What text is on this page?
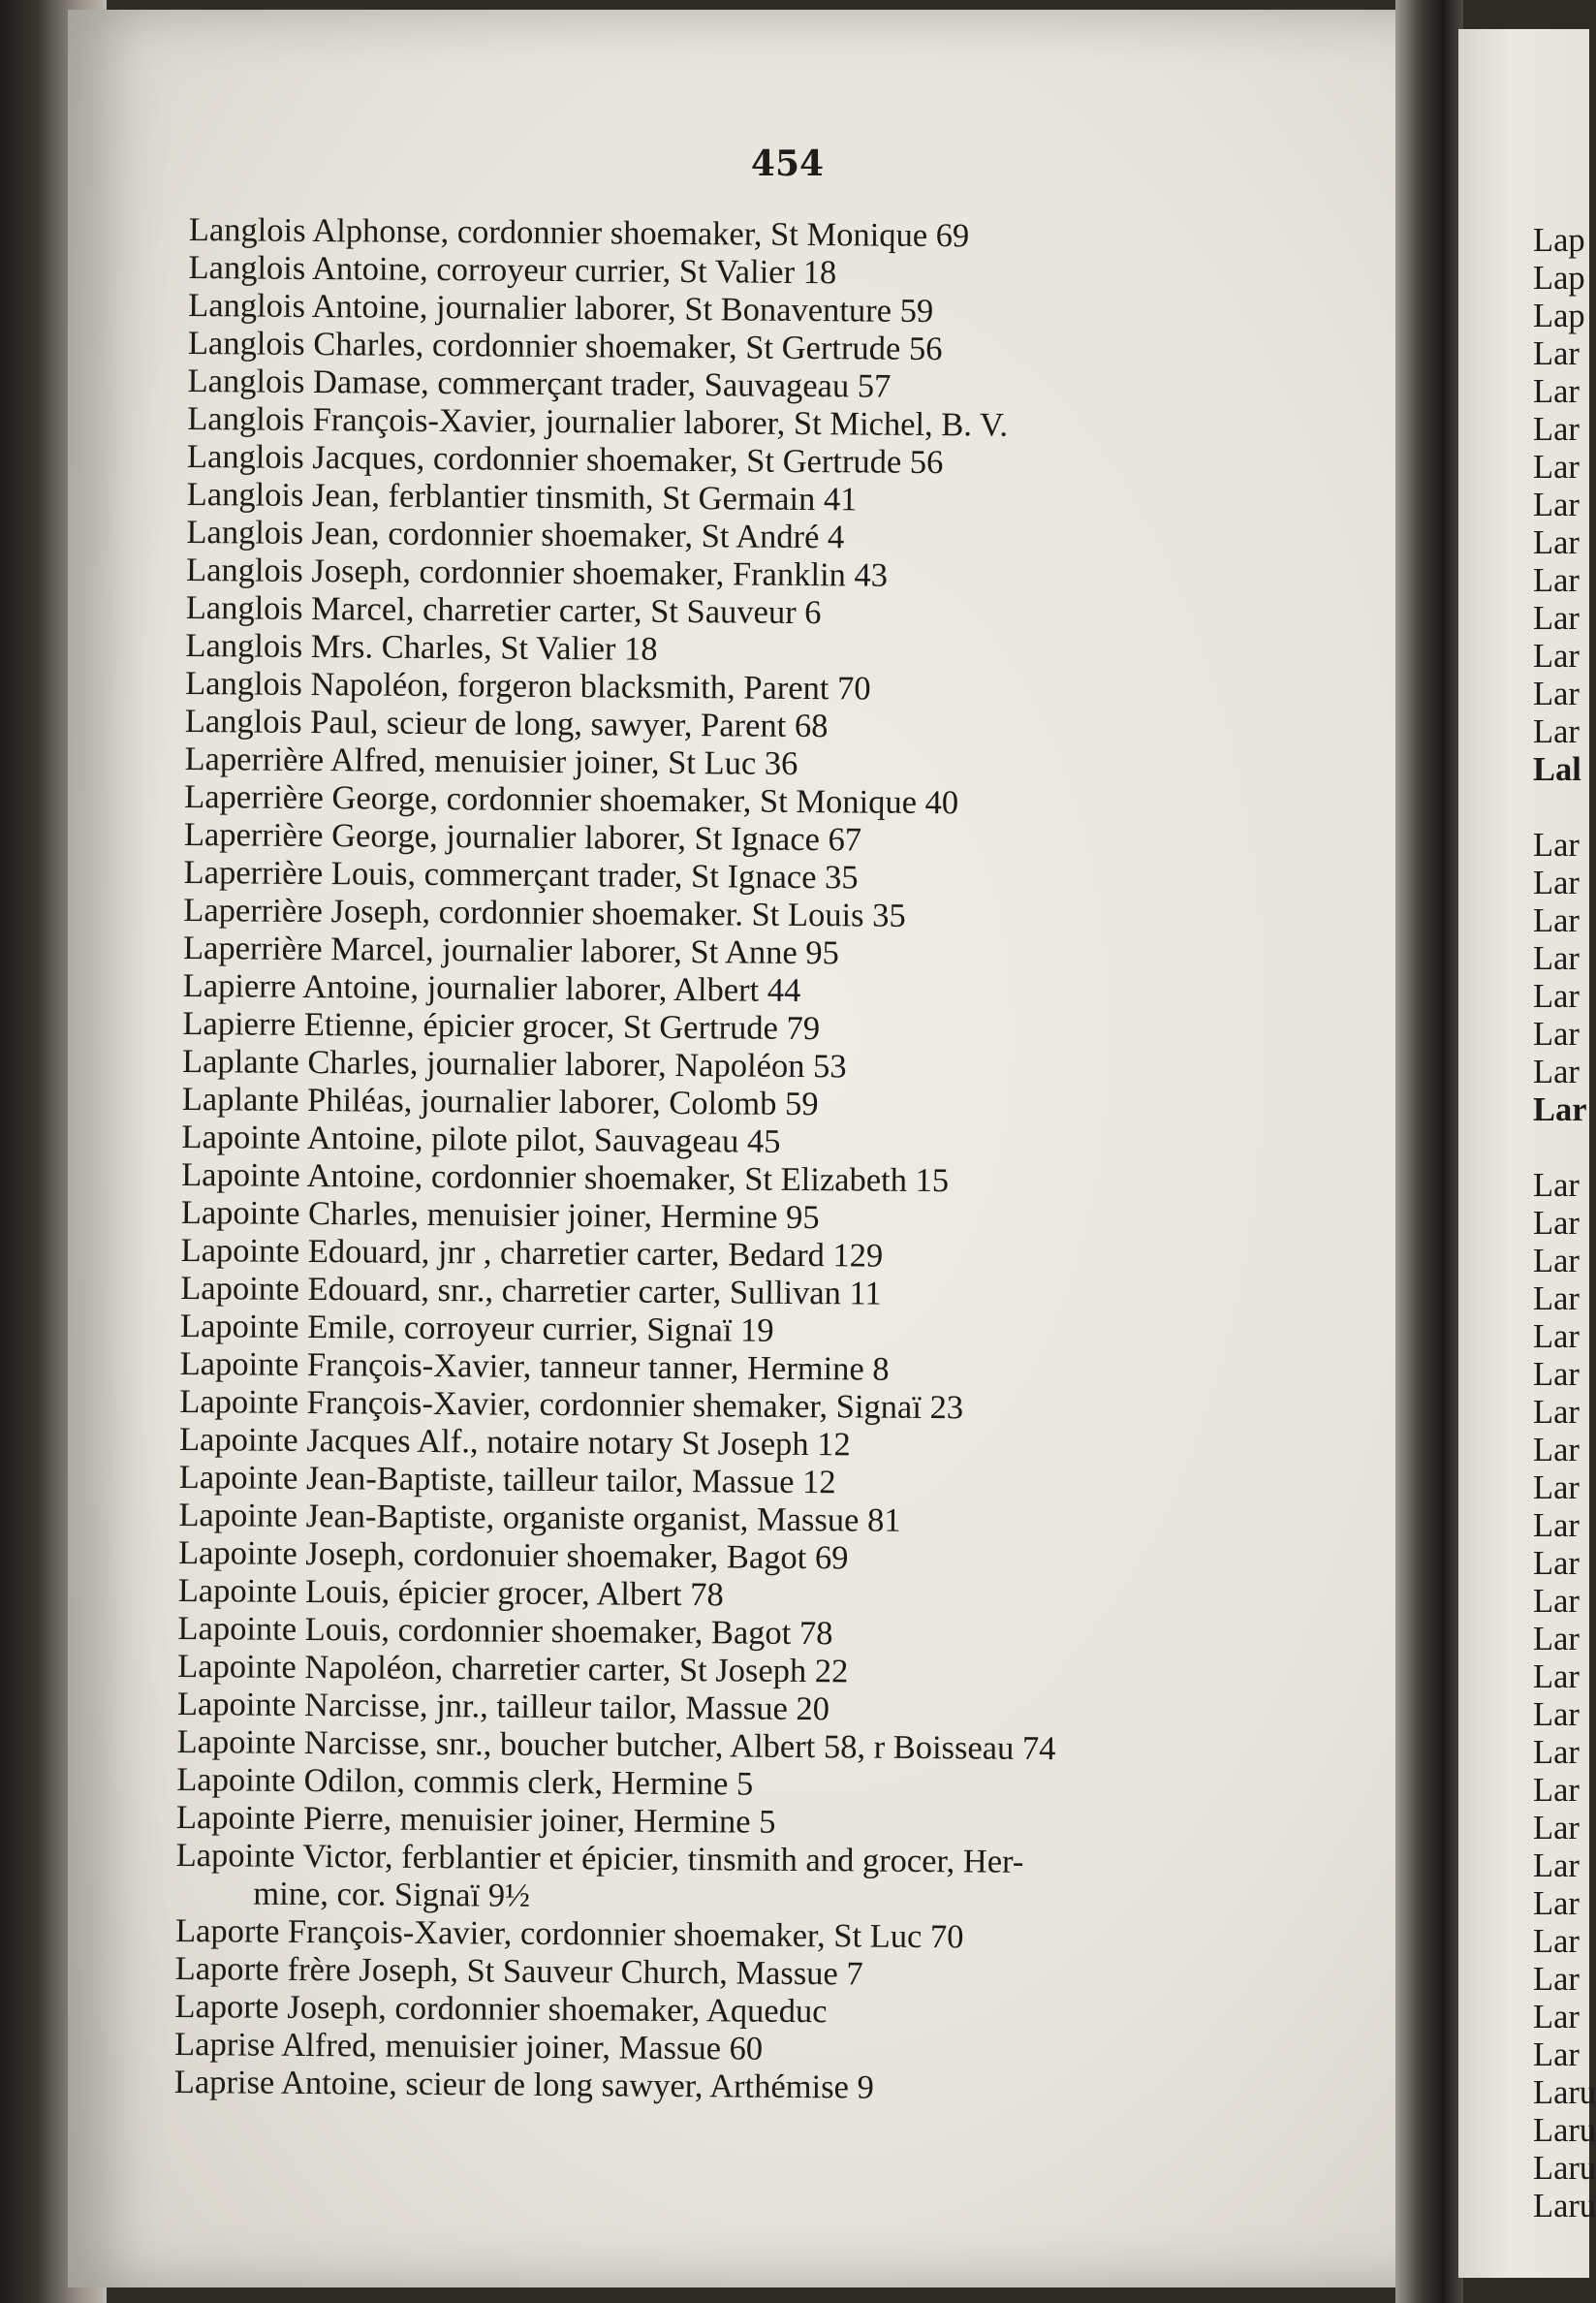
454
Langlois Alphonse, cordonnier shoemaker, St Monique 69
Langlois Antoine, corroyeur currier, St Valier 18
Langlois Antoine, journalier laborer, St Bonaventure 59
Langlois Charles, cordonnier shoemaker, St Gertrude 56
Langlois Damase, commerçant trader, Sauvageau 57
Langlois François-Xavier, journalier laborer, St Michel, B. V.
Langlois Jacques, cordonnier shoemaker, St Gertrude 56
Langlois Jean, ferblantier tinsmith, St Germain 41
Langlois Jean, cordonnier shoemaker, St André 4
Langlois Joseph, cordonnier shoemaker, Franklin 43
Langlois Marcel, charretier carter, St Sauveur 6
Langlois Mrs. Charles, St Valier 18
Langlois Napoléon, forgeron blacksmith, Parent 70
Langlois Paul, scieur de long, sawyer, Parent 68
Laperrière Alfred, menuisier joiner, St Luc 36
Laperrière George, cordonnier shoemaker, St Monique 40
Laperrière George, journalier laborer, St Ignace 67
Laperrière Louis, commerçant trader, St Ignace 35
Laperrière Joseph, cordonnier shoemaker. St Louis 35
Laperrière Marcel, journalier laborer, St Anne 95
Lapierre Antoine, journalier laborer, Albert 44
Lapierre Etienne, épicier grocer, St Gertrude 79
Laplante Charles, journalier laborer, Napoléon 53
Laplante Philéas, journalier laborer, Colomb 59
Lapointe Antoine, pilote pilot, Sauvageau 45
Lapointe Antoine, cordonnier shoemaker, St Elizabeth 15
Lapointe Charles, menuisier joiner, Hermine 95
Lapointe Edouard, jnr , charretier carter, Bedard 129
Lapointe Edouard, snr., charretier carter, Sullivan 11
Lapointe Emile, corroyeur currier, Signaï 19
Lapointe François-Xavier, tanneur tanner, Hermine 8
Lapointe François-Xavier, cordonnier shemaker, Signaï 23
Lapointe Jacques Alf., notaire notary St Joseph 12
Lapointe Jean-Baptiste, tailleur tailor, Massue 12
Lapointe Jean-Baptiste, organiste organist, Massue 81
Lapointe Joseph, cordonuier shoemaker, Bagot 69
Lapointe Louis, épicier grocer, Albert 78
Lapointe Louis, cordonnier shoemaker, Bagot 78
Lapointe Napoléon, charretier carter, St Joseph 22
Lapointe Narcisse, jnr., tailleur tailor, Massue 20
Lapointe Narcisse, snr., boucher butcher, Albert 58, r Boisseau 74
Lapointe Odilon, commis clerk, Hermine 5
Lapointe Pierre, menuisier joiner, Hermine 5
Lapointe Victor, ferblantier et épicier, tinsmith and grocer, Her-
mine, cor. Signaï 9½
Laporte François-Xavier, cordonnier shoemaker, St Luc 70
Laporte frère Joseph, St Sauveur Church, Massue 7
Laporte Joseph, cordonnier shoemaker, Aqueduc
Laprise Alfred, menuisier joiner, Massue 60
Laprise Antoine, scieur de long sawyer, Arthémise 9
Lap
Lap
Lap
Lar
Lar
Lar
Lar
Lar
Lar
Lar
Lar
Lar
Lar
Lar
Lal
Lar
Lar
Lar
Lar
Lar
Lar
Lar
Lar
Lar
Lar
Lar
Lar
Lar
Lar
Lar
Lar
Lar
Lar
Lar
Lar
Lar
Lar
Lar
Lar
Lar
Lar
Lar
Lar
Lar
Lar
Lar
Lar
Laru
Laru
Laru
Laru
